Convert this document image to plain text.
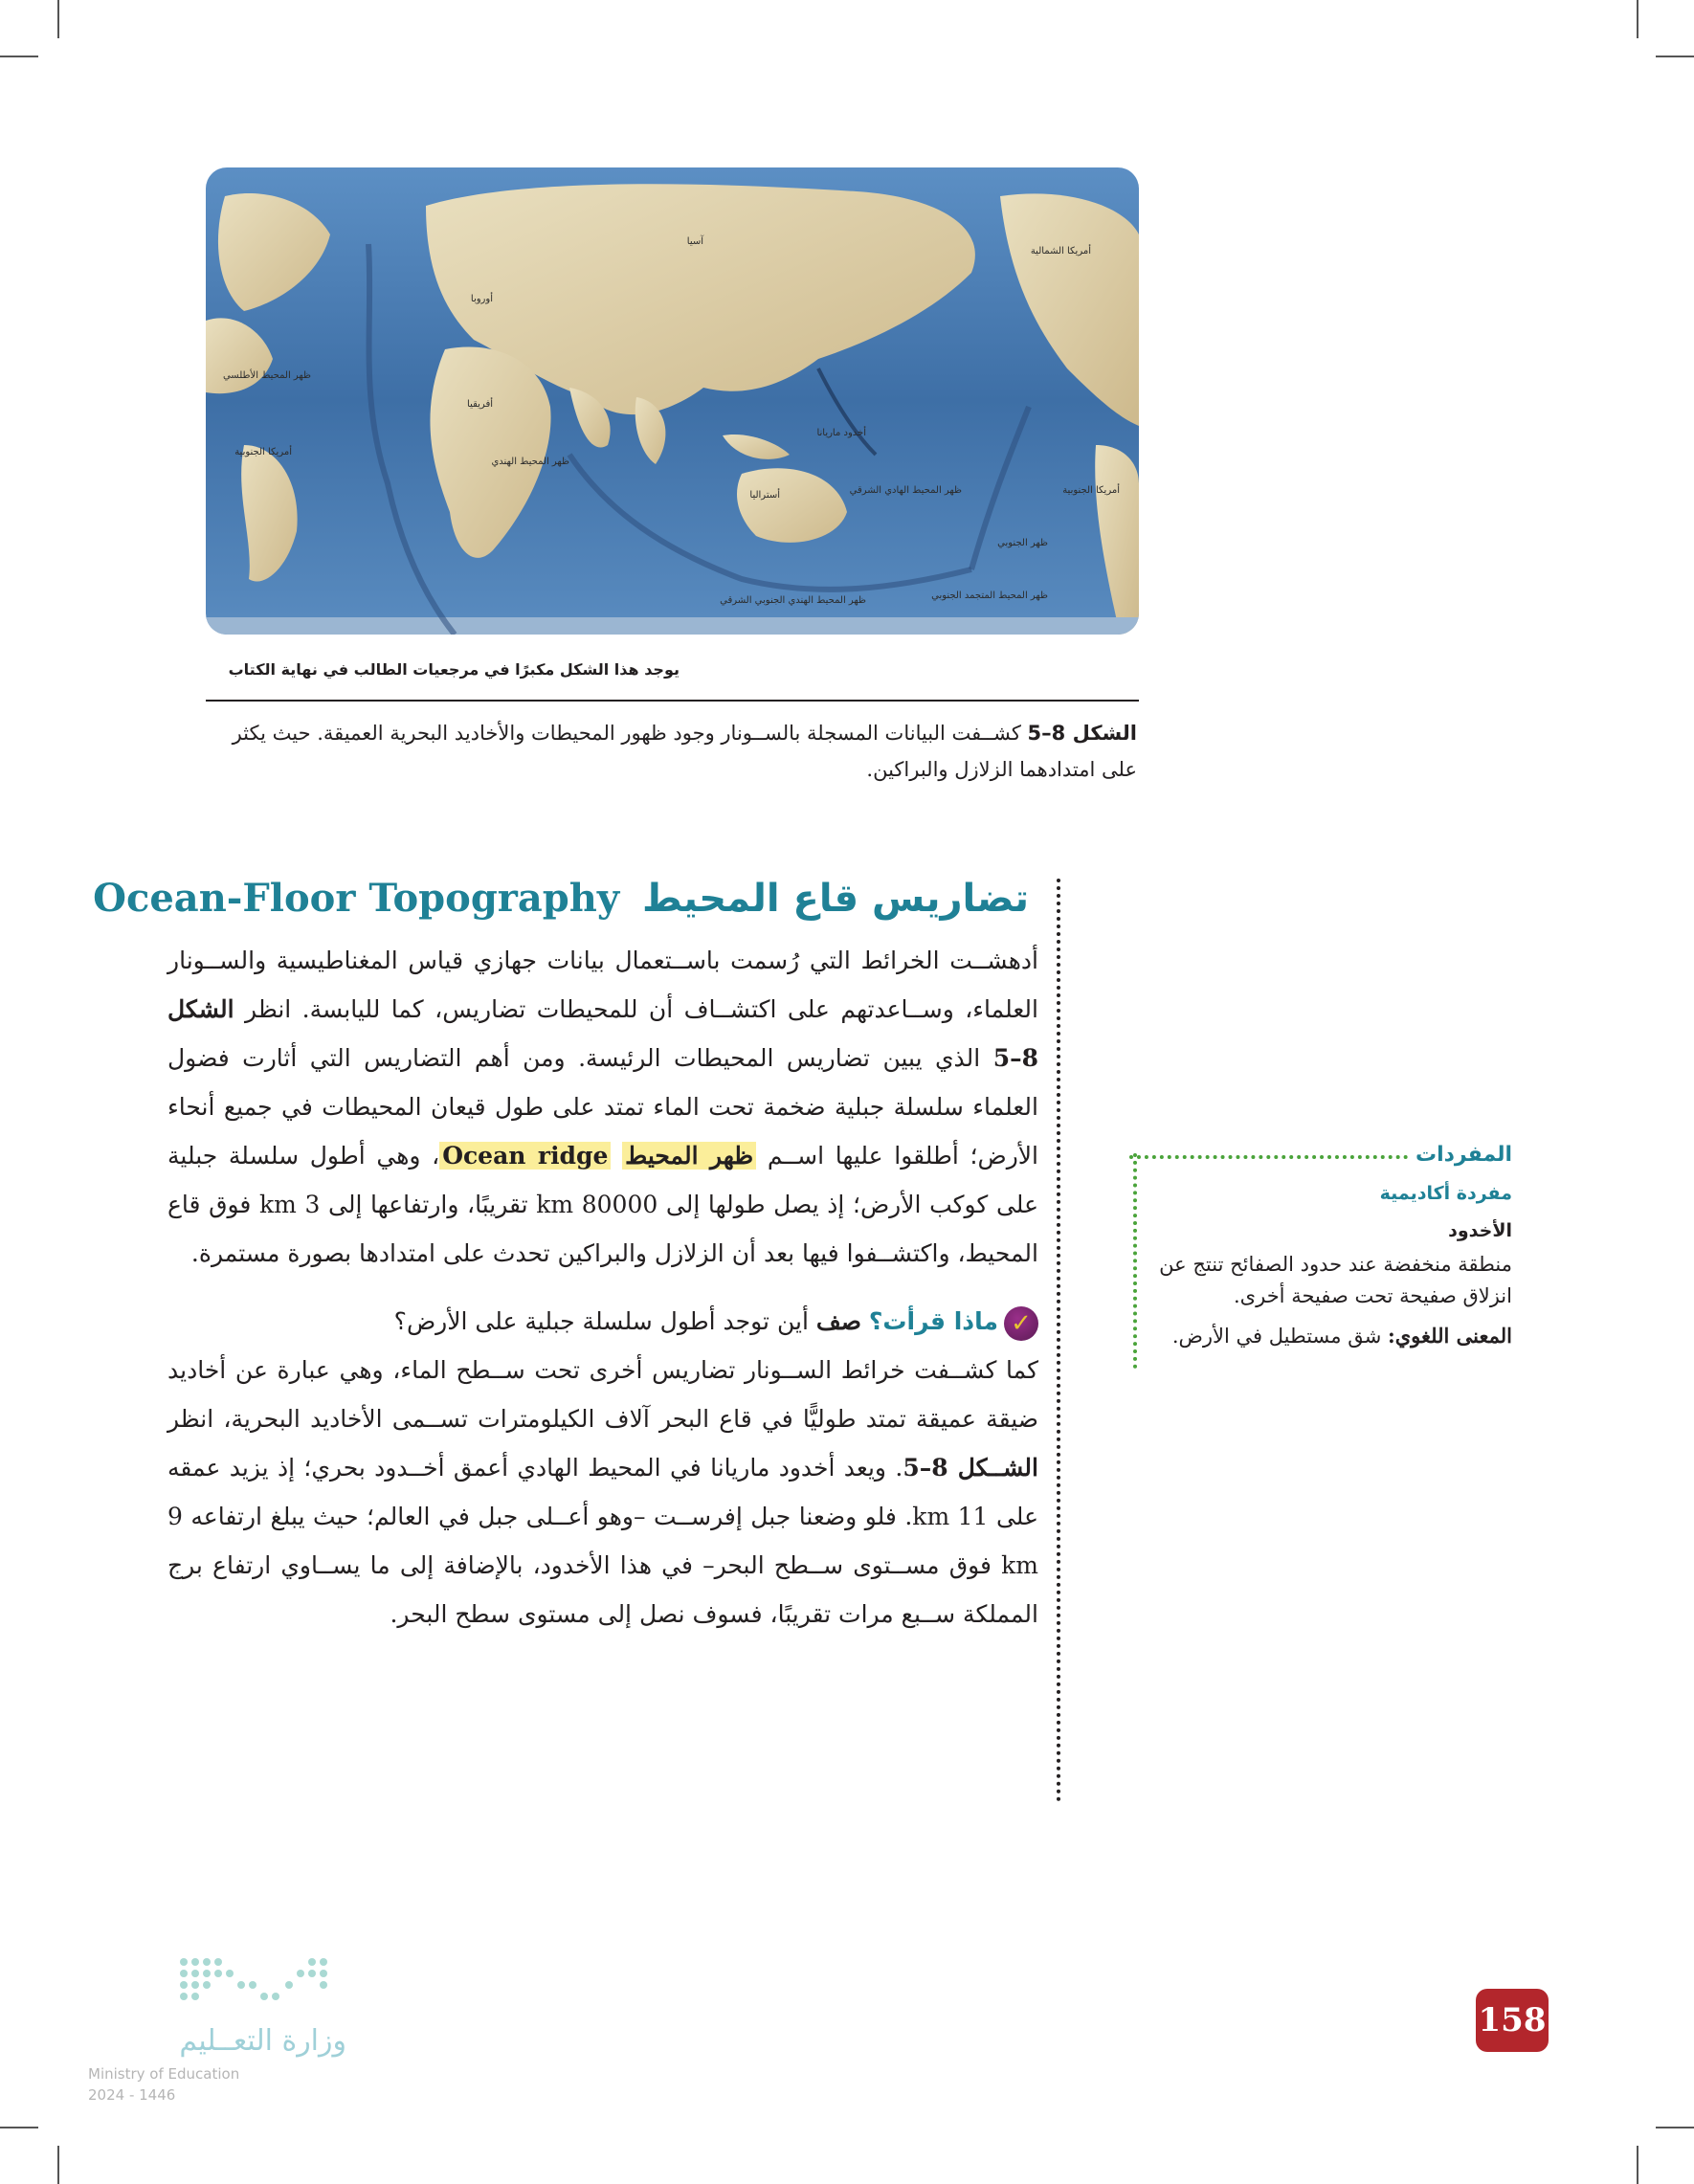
آسيا
أوروبا
أفريقيا
أستراليا
أمريكا الشمالية
أمريكا الجنوبية
أمريكا الجنوبية
ظهر المحيط الأطلسي
ظهر المحيط الهندي
أخدود ماريانا
ظهر المحيط الهادي الشرقي
ظهر الجنوبي
ظهر المحيط الهندي الجنوبي الشرقي	ظهر المحيط المتجمد الجنوبي
يوجد هذا الشكل مكبرًا في مرجعيات الطالب في نهاية الكتاب
الشكل 8–5 كشــفت البيانات المسجلة بالســونار وجود ظهور المحيطات والأخاديد البحرية العميقة. حيث يكثر على امتدادهما الزلازل والبراكين.
تضاريس قاع المحيط Ocean-Floor Topography

أدهشــت الخرائط التي رُسمت باســتعمال بيانات جهازي قياس المغناطيسية والســونار العلماء، وســاعدتهم على اكتشــاف أن للمحيطات تضاريس، كما لليابسة. انظر الشكل 8–5 الذي يبين تضاريس المحيطات الرئيسة. ومن أهم التضاريس التي أثارت فضول العلماء سلسلة جبلية ضخمة تحت الماء تمتد على طول قيعان المحيطات في جميع أنحاء الأرض؛ أطلقوا عليها اســم ظهر المحيط Ocean ridge، وهي أطول سلسلة جبلية على كوكب الأرض؛ إذ يصل طولها إلى 80000 km تقريبًا، وارتفاعها إلى 3 km فوق قاع المحيط، واكتشــفوا فيها بعد أن الزلازل والبراكين تحدث على امتدادها بصورة مستمرة.

✓ماذا قرأت؟ صف أين توجد أطول سلسلة جبلية على الأرض؟

كما كشــفت خرائط الســونار تضاريس أخرى تحت ســطح الماء، وهي عبارة عن أخاديد ضيقة عميقة تمتد طوليًّا في قاع البحر آلاف الكيلومترات تســمى الأخاديد البحرية، انظر الشــكل 8–5. ويعد أخدود ماريانا في المحيط الهادي أعمق أخــدود بحري؛ إذ يزيد عمقه على 11 km. فلو وضعنا جبل إفرســت –وهو أعــلى جبل في العالم؛ حيث يبلغ ارتفاعه 9 km فوق مســتوى ســطح البحر– في هذا الأخدود، بالإضافة إلى ما يســاوي ارتفاع برج المملكة ســبع مرات تقريبًا، فسوف نصل إلى مستوى سطح البحر.

المفردات
مفردة أكاديمية
الأخدود
منطقة منخفضة عند حدود الصفائح تنتج عن انزلاق صفيحة تحت صفيحة أخرى.
المعنى اللغوي: شق مستطيل في الأرض.
158
وزارة التعــليم
Ministry of Education
2024 - 1446
